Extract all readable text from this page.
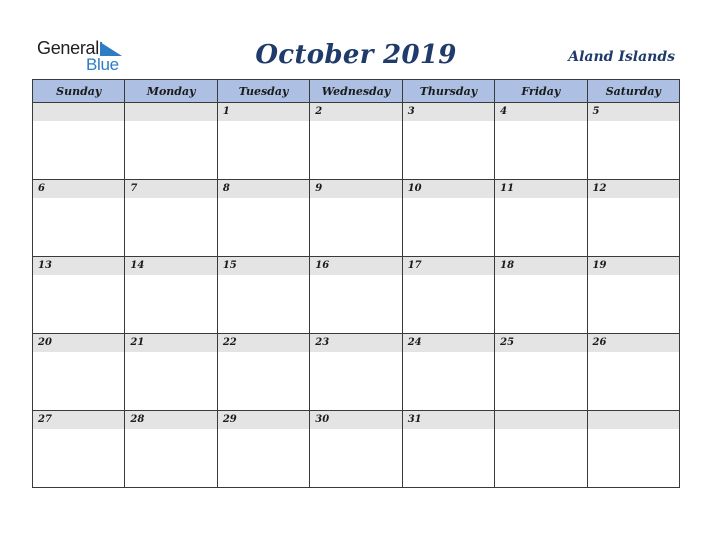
General
Blue	October 2019	Aland Islands
Sunday	Monday	Tuesday	Wednesday	Thursday	Friday	Saturday

		1	2	3	4	5

6	7	8	9	10	11	12

13	14	15	16	17	18	19

20	21	22	23	24	25	26

27	28	29	30	31		
